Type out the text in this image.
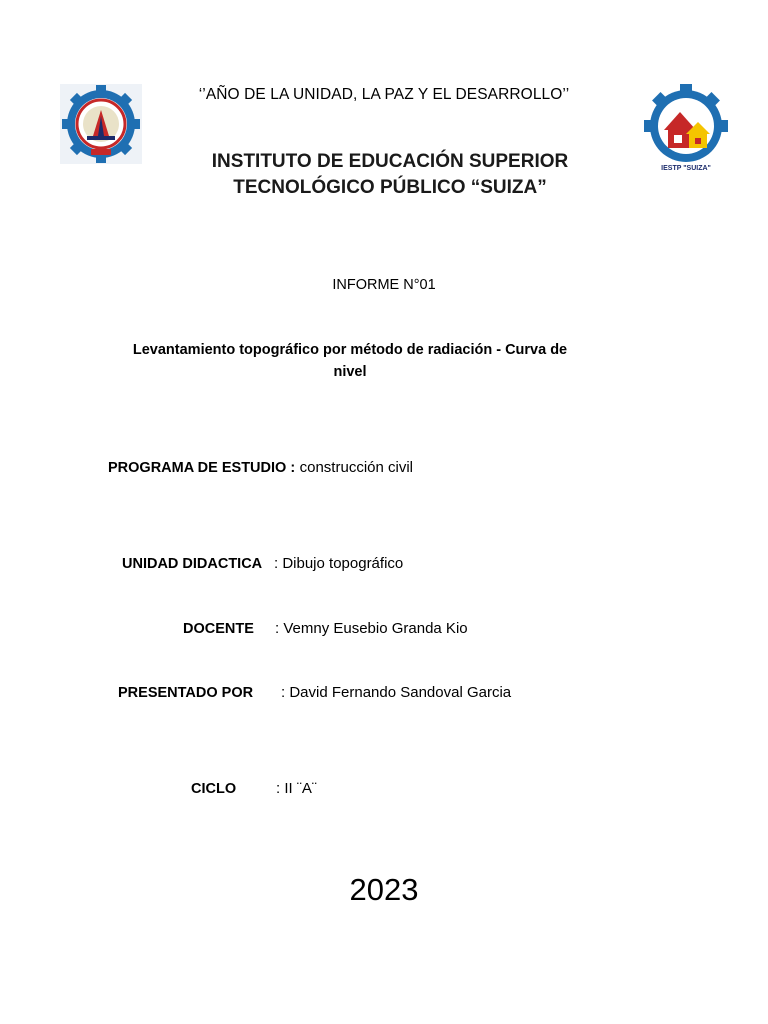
IESTP "SUIZA"
‘’AÑO DE LA UNIDAD, LA PAZ Y EL DESARROLLO’’
INSTITUTO DE EDUCACIÓN SUPERIOR
TECNOLÓGICO PÚBLICO “SUIZA”
INFORME N°01
Levantamiento topográfico por método de radiación - Curva de
nivel
PROGRAMA DE ESTUDIO : construcción civil
UNIDAD DIDACTICA : Dibujo topográfico
DOCENTE : Vemny Eusebio Granda Kio
PRESENTADO POR : David Fernando Sandoval Garcia
CICLO	: II ¨A¨
2023
